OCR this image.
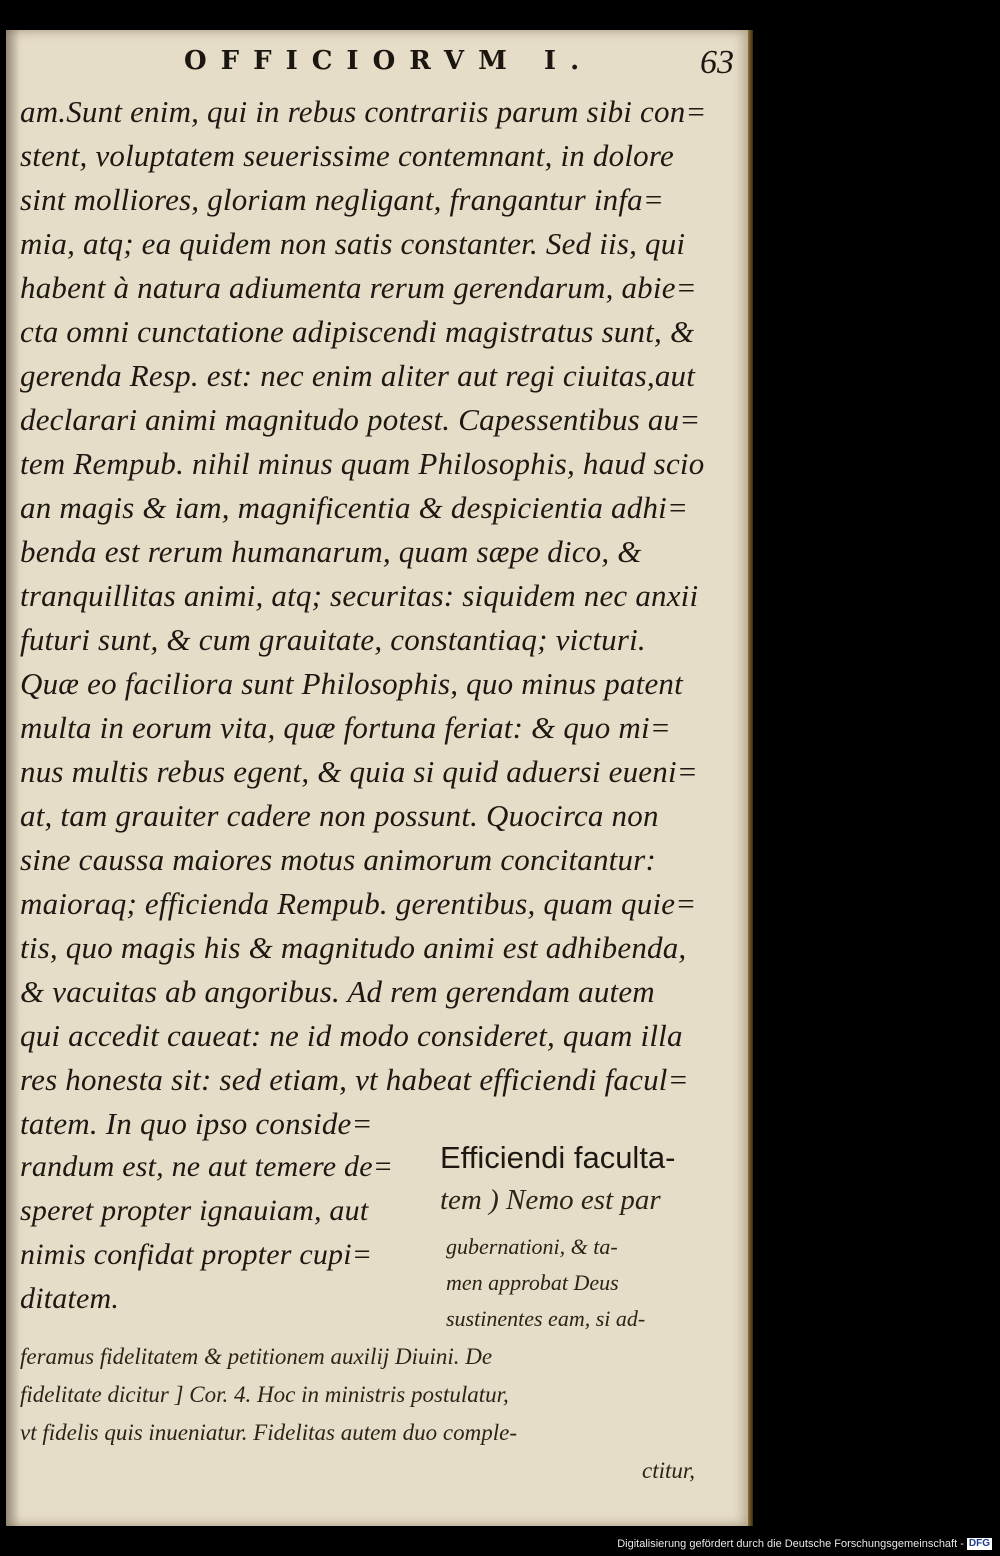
OFFICIORVM I.	63
am.Sunt enim, qui in rebus contrariis parum sibi con=
stent, voluptatem seuerissime contemnant, in dolore
sint molliores, gloriam negligant, frangantur infa=
mia, atq; ea quidem non satis constanter. Sed iis, qui
habent à natura adiumenta rerum gerendarum, abie=
cta omni cunctatione adipiscendi magistratus sunt, &
gerenda Resp. est: nec enim aliter aut regi ciuitas,aut
declarari animi magnitudo potest. Capessentibus au=
tem Rempub. nihil minus quam Philosophis, haud scio
an magis & iam, magnificentia & despicientia adhi=
benda est rerum humanarum, quam sæpe dico, &
tranquillitas animi, atq; securitas: siquidem nec anxii
futuri sunt, & cum grauitate, constantiaq; victuri.
Quæ eo faciliora sunt Philosophis, quo minus patent
multa in eorum vita, quæ fortuna feriat: & quo mi=
nus multis rebus egent, & quia si quid aduersi eueni=
at, tam grauiter cadere non possunt. Quocirca non
sine caussa maiores motus animorum concitantur:
maioraq; efficienda Rempub. gerentibus, quam quie=
tis, quo magis his & magnitudo animi est adhibenda,
& vacuitas ab angoribus. Ad rem gerendam autem
qui accedit caueat: ne id modo consideret, quam illa
res honesta sit: sed etiam, vt habeat efficiendi facul=
tatem. In quo ipso conside=
randum est, ne aut temere de=
speret propter ignauiam, aut
nimis confidat propter cupi=
ditatem.
Efficiendi faculta-
tem ) Nemo est par
gubernationi, & ta-
men approbat Deus
sustinentes eam, si ad-
feramus fidelitatem & petitionem auxilij Diuini. De
fidelitate dicitur ] Cor. 4. Hoc in ministris postulatur,
vt fidelis quis inueniatur. Fidelitas autem duo comple-
ctitur,
Digitalisierung gefördert durch die Deutsche Forschungsgemeinschaft - DFG
